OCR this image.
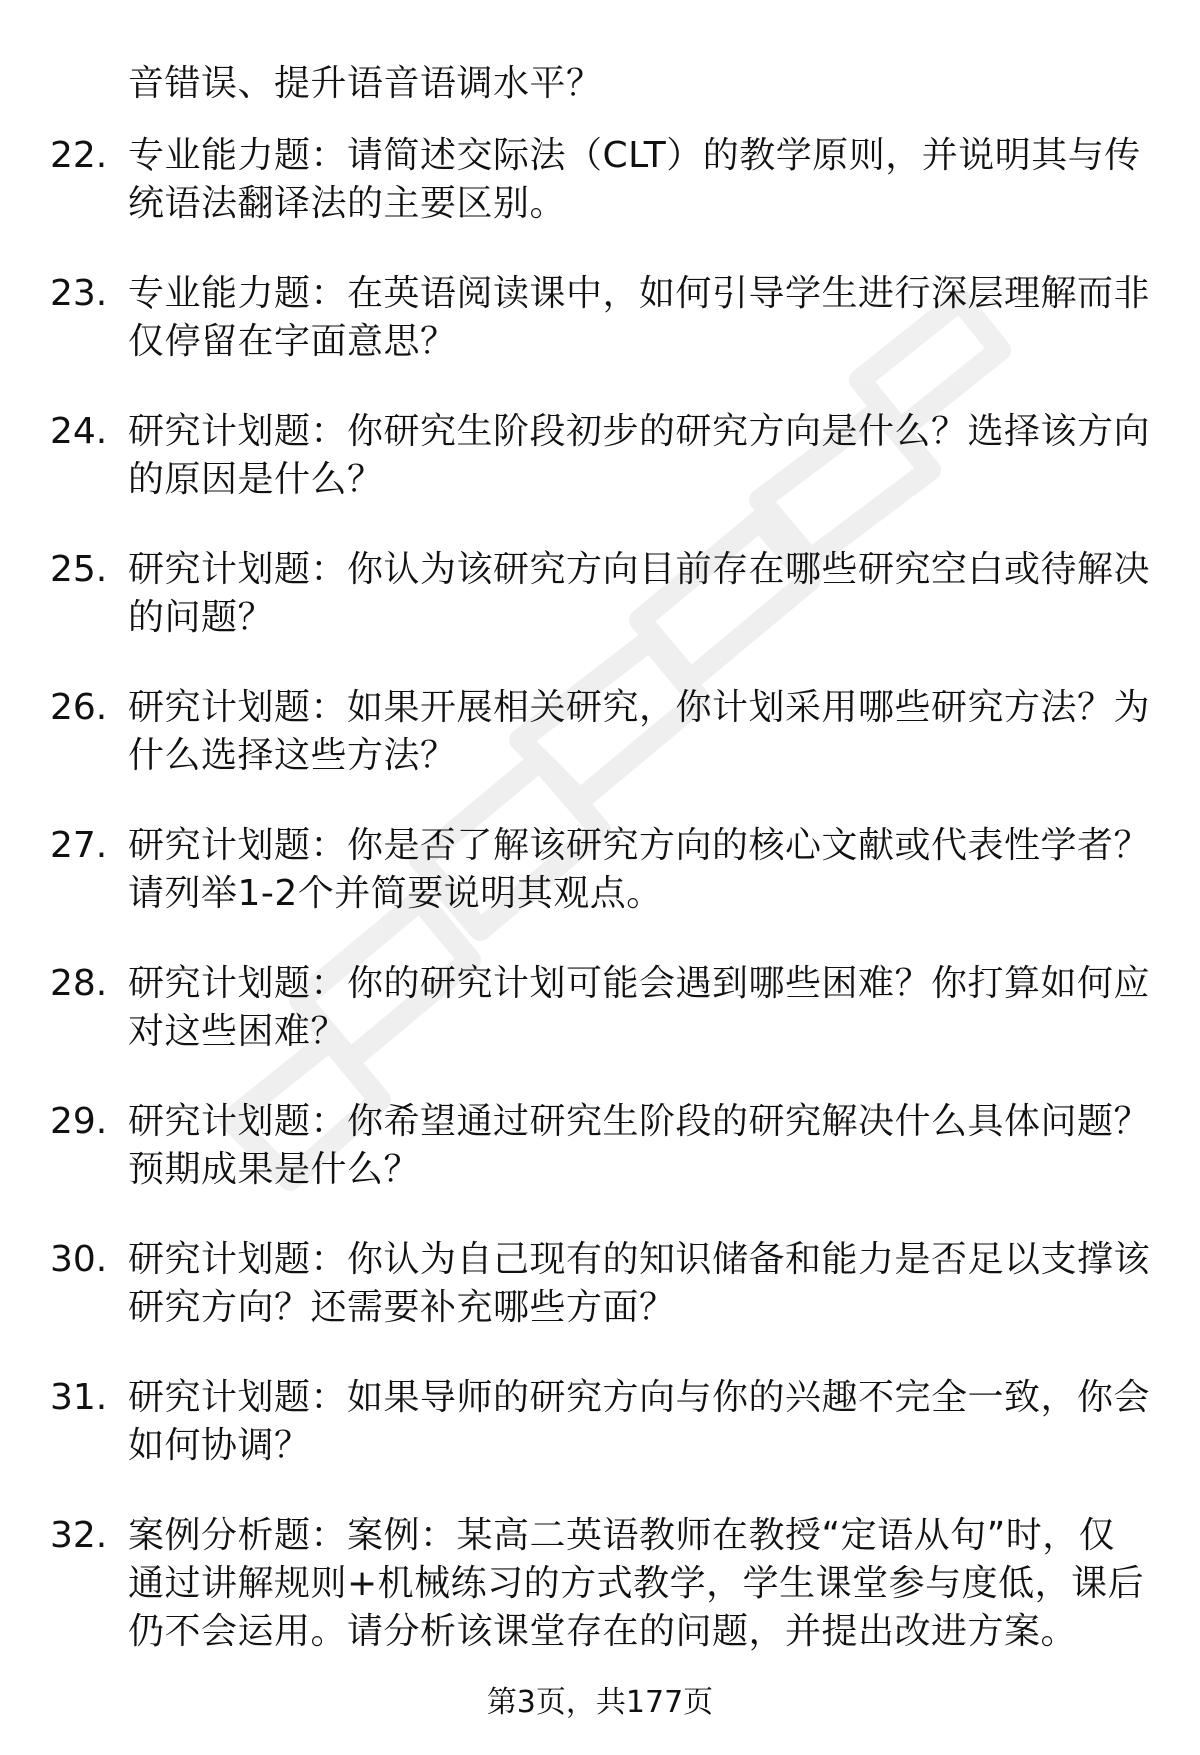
音错误、提升语音语调水平？
22. 专业能力题：请简述交际法（CLT）的教学原则，并说明其与传
统语法翻译法的主要区别。
23. 专业能力题：在英语阅读课中，如何引导学生进行深层理解而非
仅停留在字面意思？
24. 研究计划题：你研究生阶段初步的研究方向是什么？选择该方向
的原因是什么？
25. 研究计划题：你认为该研究方向目前存在哪些研究空白或待解决
的问题？
26. 研究计划题：如果开展相关研究，你计划采用哪些研究方法？为
什么选择这些方法？
27. 研究计划题：你是否了解该研究方向的核心文献或代表性学者？
请列举1-2个并简要说明其观点。
28. 研究计划题：你的研究计划可能会遇到哪些困难？你打算如何应
对这些困难？
29. 研究计划题：你希望通过研究生阶段的研究解决什么具体问题？
预期成果是什么？
30. 研究计划题：你认为自己现有的知识储备和能力是否足以支撑该
研究方向？还需要补充哪些方面？
31. 研究计划题：如果导师的研究方向与你的兴趣不完全一致，你会
如何协调？
32. 案例分析题：案例：某高二英语教师在教授“定语从句”时，仅
通过讲解规则+机械练习的方式教学，学生课堂参与度低，课后
仍不会运用。请分析该课堂存在的问题，并提出改进方案。
第3页，共177页
